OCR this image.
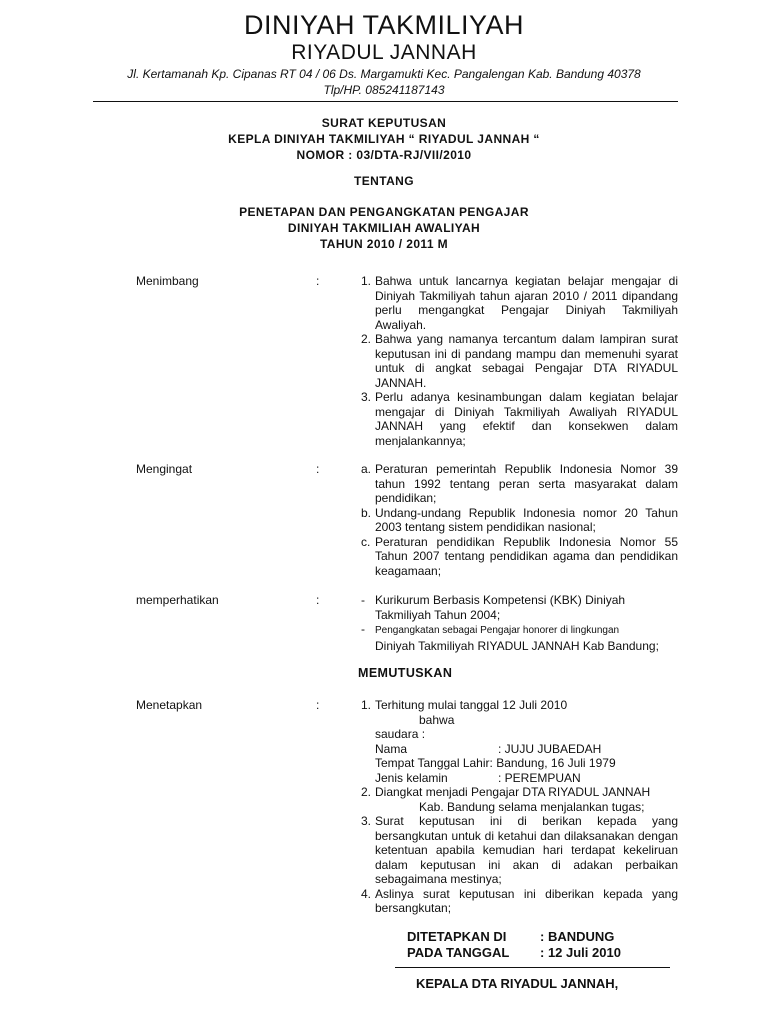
DINIYAH TAKMILIYAH
RIYADUL JANNAH
Jl. Kertamanah Kp. Cipanas RT 04 / 06 Ds. Margamukti Kec. Pangalengan Kab. Bandung 40378
Tlp/HP. 085241187143
SURAT KEPUTUSAN
KEPLA DINIYAH TAKMILIYAH “ RIYADUL JANNAH “
NOMOR : 03/DTA-RJ/VII/2010
TENTANG
PENETAPAN DAN PENGANGKATAN PENGAJAR
DINIYAH TAKMILIAH AWALIYAH
TAHUN 2010 / 2011 M
Menimbang	:	1. Bahwa untuk lancarnya kegiatan belajar mengajar di Diniyah Takmiliyah tahun ajaran 2010 / 2011 dipandang perlu mengangkat Pengajar Diniyah Takmiliyah Awaliyah.
2. Bahwa yang namanya tercantum dalam lampiran surat keputusan ini di pandang mampu dan memenuhi syarat untuk di angkat sebagai Pengajar DTA RIYADUL JANNAH.
3. Perlu adanya kesinambungan dalam kegiatan belajar mengajar di Diniyah Takmiliyah Awaliyah RIYADUL JANNAH yang efektif dan konsekwen dalam menjalankannya;
Mengingat	:	a. Peraturan pemerintah Republik Indonesia Nomor 39 tahun 1992 tentang peran serta masyarakat dalam pendidikan;
b. Undang-undang Republik Indonesia nomor 20 Tahun 2003 tentang sistem pendidikan nasional;
c. Peraturan pendidikan Republik Indonesia Nomor 55 Tahun 2007 tentang pendidikan agama dan pendidikan keagamaan;
memperhatikan	:	- Kurikurum Berbasis Kompetensi (KBK) Diniyah Takmiliyah Tahun 2004;
- Pengangkatan sebagai Pengajar honorer di lingkungan
Diniyah Takmiliyah RIYADUL JANNAH Kab Bandung;
MEMUTUSKAN
Menetapkan	:	1. Terhitung mulai tanggal 12 Juli 2010
bahwa
saudara :
Nama	: JUJU JUBAEDAH
Tempat Tanggal Lahir : Bandung, 16 Juli 1979
Jenis kelamin	: PEREMPUAN
2. Diangkat menjadi Pengajar DTA RIYADUL JANNAH
Kab. Bandung selama menjalankan tugas;
3. Surat keputusan ini di berikan kepada yang bersangkutan untuk di ketahui dan dilaksanakan dengan ketentuan apabila kemudian hari terdapat kekeliruan dalam keputusan ini akan di adakan perbaikan sebagaimana mestinya;
4. Aslinya surat keputusan ini diberikan kepada yang bersangkutan;
DITETAPKAN DI	: BANDUNG
PADA TANGGAL : 12 Juli 2010
KEPALA DTA RIYADUL JANNAH,
